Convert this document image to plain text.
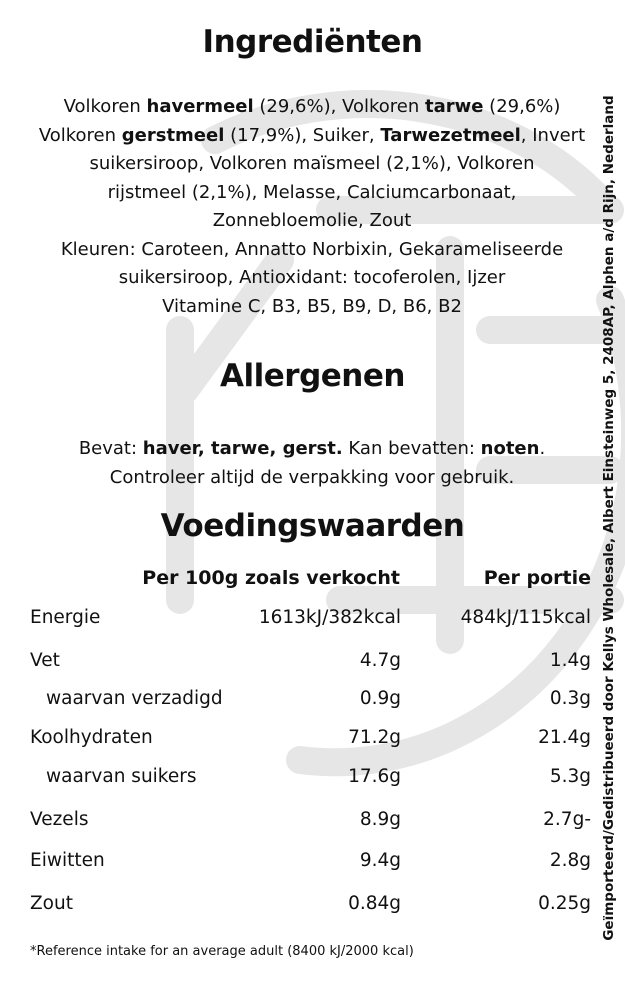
Ingrediënten
Volkoren havermeel (29,6%), Volkoren tarwe (29,6%)
Volkoren gerstmeel (17,9%), Suiker, Tarwezetmeel, Invert
suikersiroop, Volkoren maïsmeel (2,1%), Volkoren
rijstmeel (2,1%), Melasse, Calciumcarbonaat,
Zonnebloemolie, Zout
Kleuren: Caroteen, Annatto Norbixin, Gekarameliseerde
suikersiroop, Antioxidant: tocoferolen, Ijzer
Vitamine C, B3, B5, B9, D, B6, B2
Allergenen
Bevat: haver, tarwe, gerst. Kan bevatten: noten.
Controleer altijd de verpakking voor gebruik.
Voedingswaarden
Per 100g zoals verkocht	Per portie
Energie	1613kJ/382kcal	484kJ/115kcal
Vet	4.7g	1.4g
waarvan verzadigd	0.9g	0.3g
Koolhydraten	71.2g	21.4g
waarvan suikers	17.6g	5.3g
Vezels	8.9g	2.7g-
Eiwitten	9.4g	2.8g
Zout	0.84g	0.25g
*Reference intake for an average adult (8400 kJ/2000 kcal)
Geïmporteerd/Gedistribueerd door Kellys Wholesale, Albert Einsteinweg 5, 2408AP, Alphen a/d Rijn, Nederland
